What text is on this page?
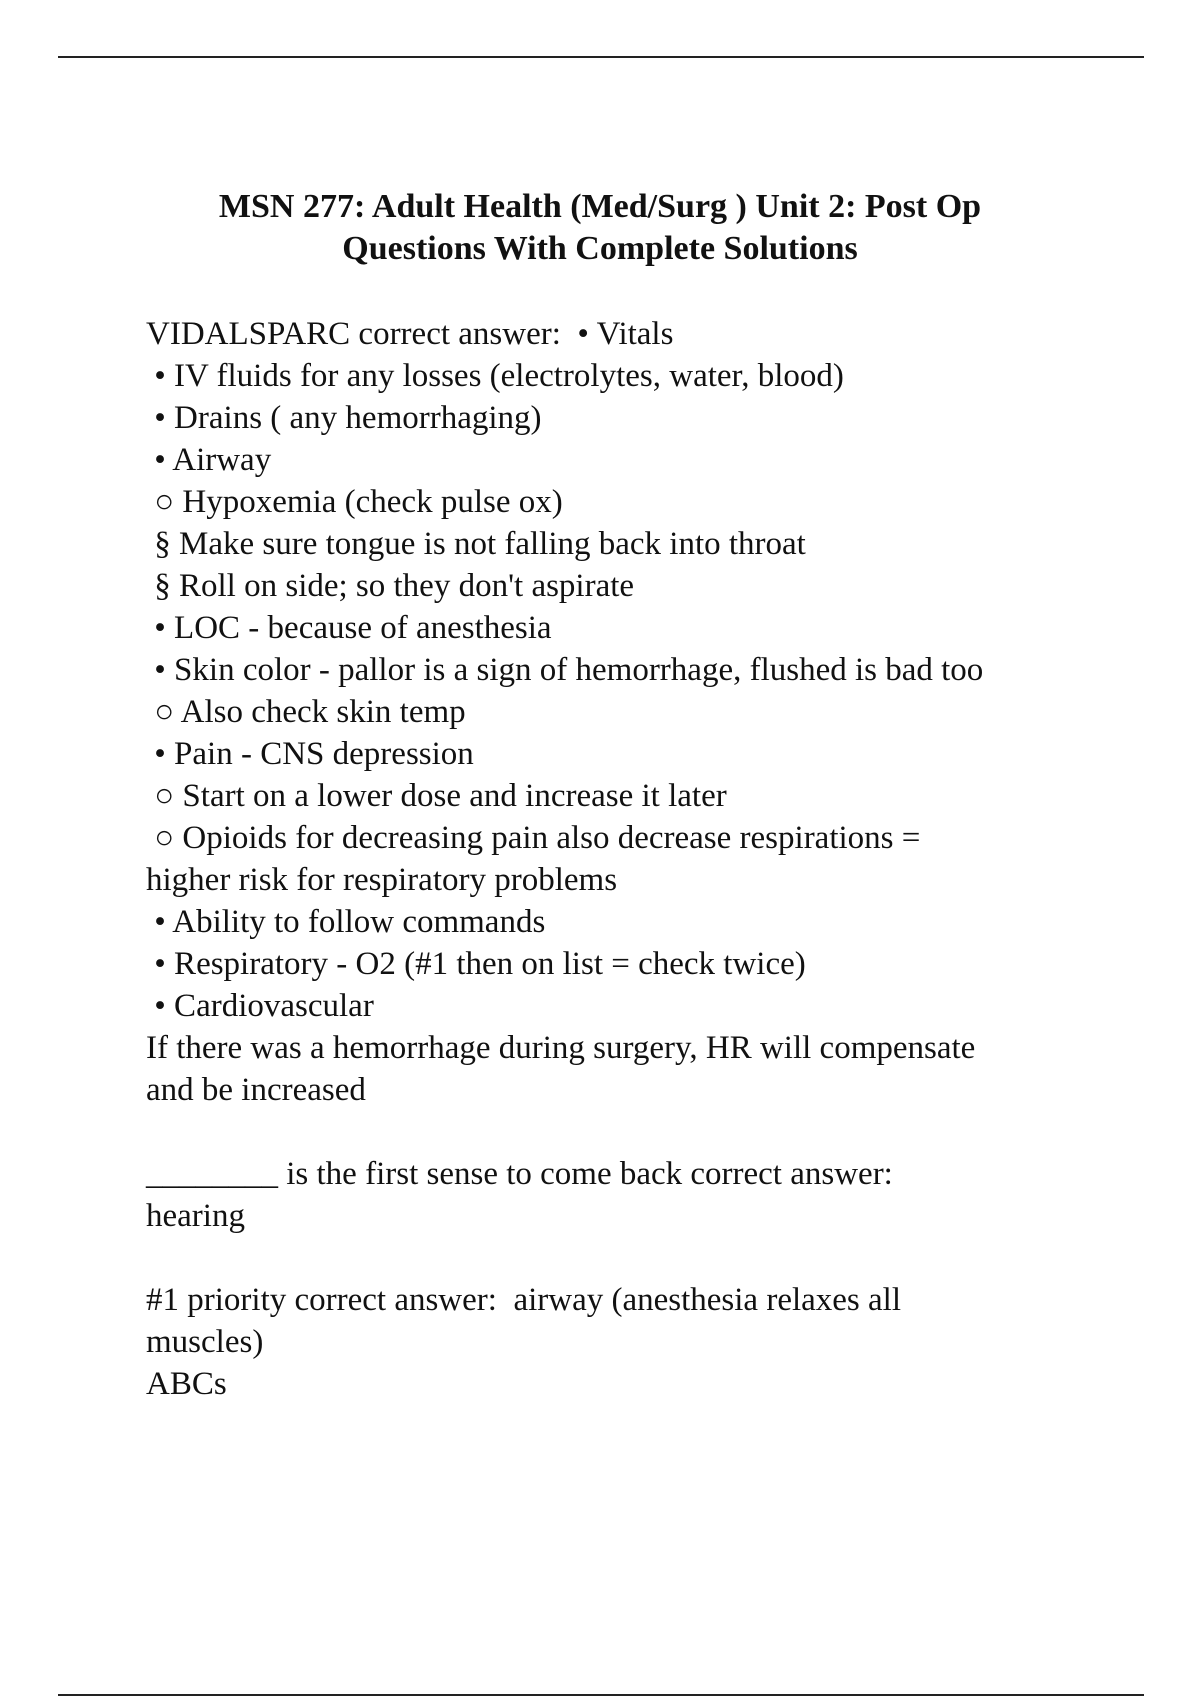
MSN 277: Adult Health (Med/Surg ) Unit 2: Post Op
Questions With Complete Solutions
VIDALSPARC correct answer:  • Vitals
• IV fluids for any losses (electrolytes, water, blood)
• Drains ( any hemorrhaging)
• Airway
○ Hypoxemia (check pulse ox)
§ Make sure tongue is not falling back into throat
§ Roll on side; so they don't aspirate
• LOC - because of anesthesia
• Skin color - pallor is a sign of hemorrhage, flushed is bad too
○ Also check skin temp
• Pain - CNS depression
○ Start on a lower dose and increase it later
○ Opioids for decreasing pain also decrease respirations =
higher risk for respiratory problems
• Ability to follow commands
• Respiratory - O2 (#1 then on list = check twice)
• Cardiovascular
If there was a hemorrhage during surgery, HR will compensate
and be increased
________ is the first sense to come back correct answer:
hearing
#1 priority correct answer:  airway (anesthesia relaxes all
muscles)
ABCs
